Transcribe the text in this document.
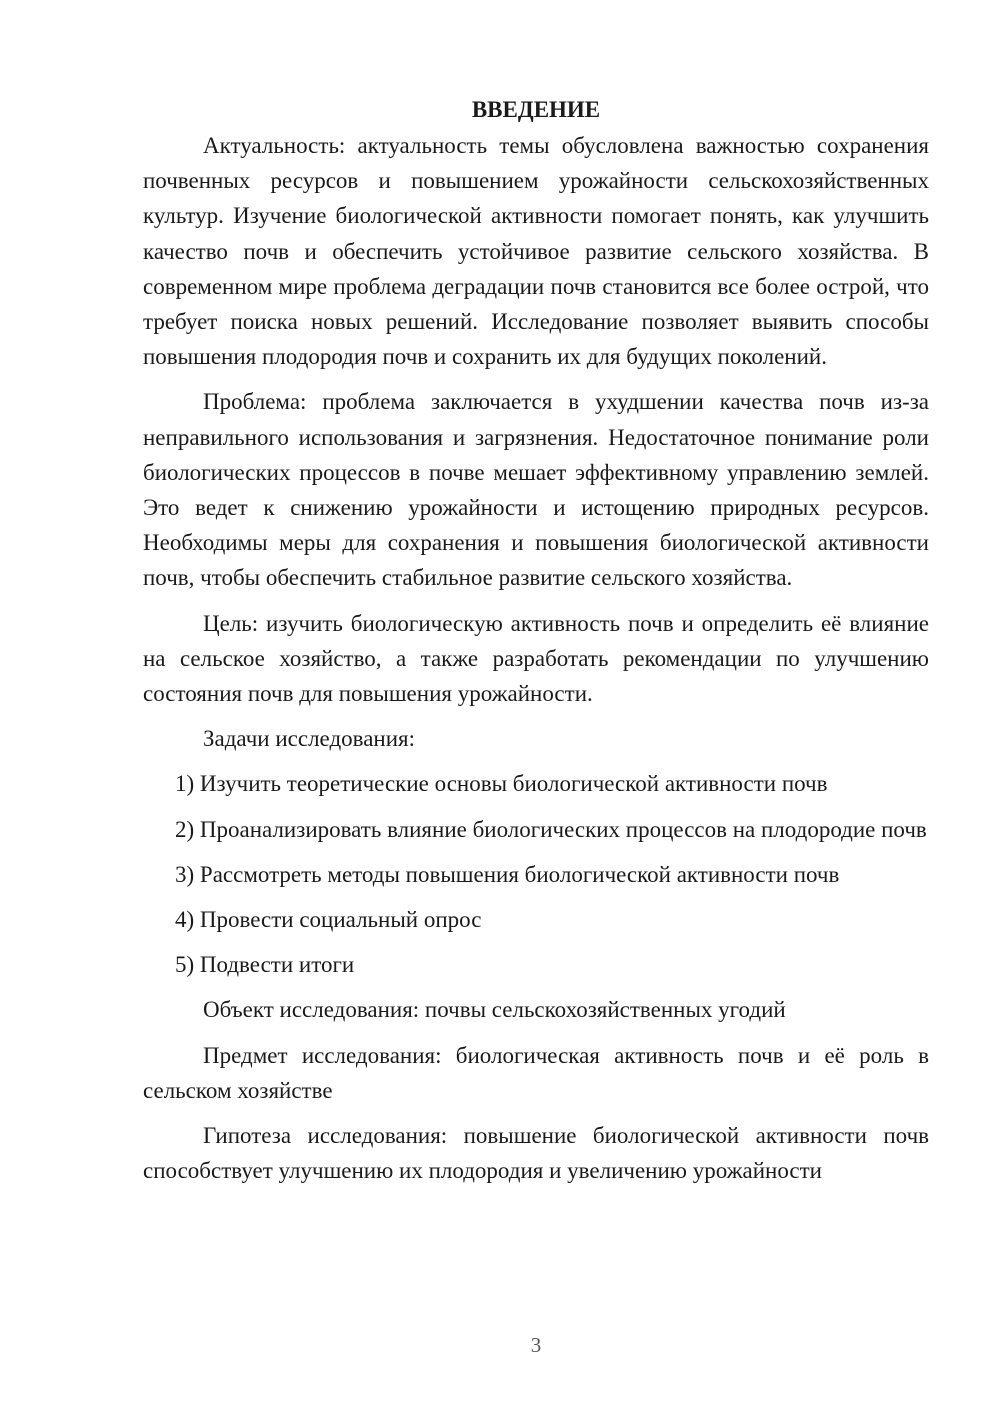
ВВЕДЕНИЕ

Актуальность: актуальность темы обусловлена важностью сохранения почвенных ресурсов и повышением урожайности сельскохозяйственных культур. Изучение биологической активности помогает понять, как улучшить качество почв и обеспечить устойчивое развитие сельского хозяйства. В современном мире проблема деградации почв становится все более острой, что требует поиска новых решений. Исследование позволяет выявить способы повышения плодородия почв и сохранить их для будущих поколений.

Проблема: проблема заключается в ухудшении качества почв из-за неправильного использования и загрязнения. Недостаточное понимание роли биологических процессов в почве мешает эффективному управлению землей. Это ведет к снижению урожайности и истощению природных ресурсов. Необходимы меры для сохранения и повышения биологической активности почв, чтобы обеспечить стабильное развитие сельского хозяйства.

Цель: изучить биологическую активность почв и определить её влияние на сельское хозяйство, а также разработать рекомендации по улучшению состояния почв для повышения урожайности.

Задачи исследования:

1) Изучить теоретические основы биологической активности почв

2) Проанализировать влияние биологических процессов на плодородие почв

3) Рассмотреть методы повышения биологической активности почв

4) Провести социальный опрос

5) Подвести итоги

Объект исследования: почвы сельскохозяйственных угодий

Предмет исследования: биологическая активность почв и её роль в сельском хозяйстве

Гипотеза исследования: повышение биологической активности почв способствует улучшению их плодородия и увеличению урожайности

3
